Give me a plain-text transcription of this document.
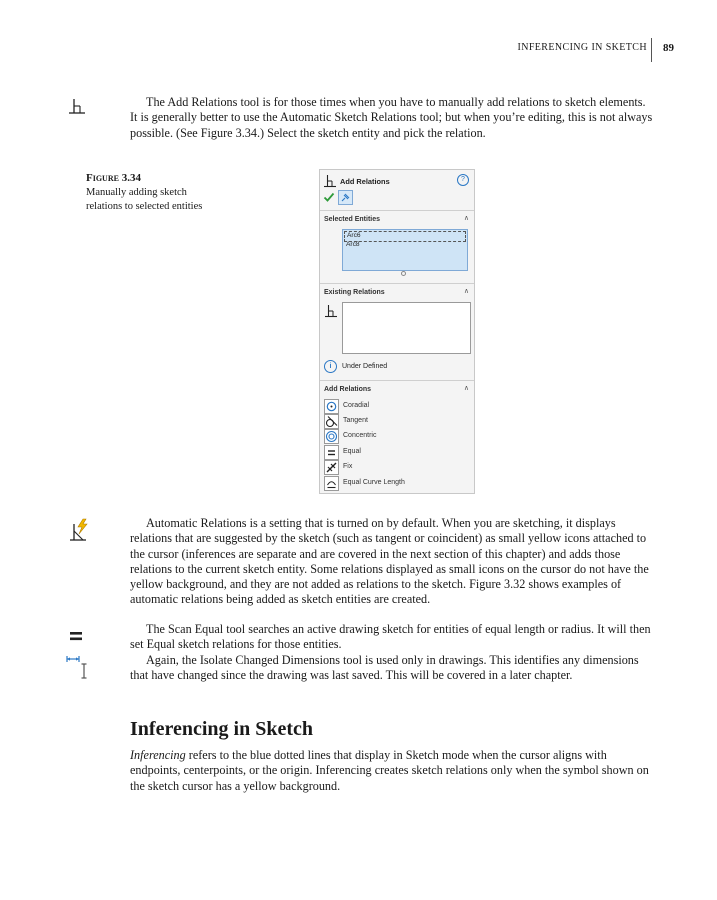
INFERENCING IN SKETCH 89
The Add Relations tool is for those times when you have to manually add relations to sketch elements. It is generally better to use the Automatic Sketch Relations tool; but when you’re editing, this is not always possible. (See Figure 3.34.) Select the sketch entity and pick the relation.
Figure 3.34
Manually adding sketch relations to selected entities
Add Relations	?
Selected Entities	∧
Arc6
Arc8
Existing Relations	∧
i	Under Defined
Add Relations	∧
Coradial
Tangent
Concentric
Equal
Fix
Equal Curve Length
Automatic Relations is a setting that is turned on by default. When you are sketching, it displays relations that are suggested by the sketch (such as tangent or coincident) as small yellow icons attached to the cursor (inferences are separate and are covered in the next section of this chapter) and adds those relations to the current sketch entity. Some relations displayed as small icons on the cursor do not have the yellow background, and they are not added as relations to the sketch. Figure 3.32 shows examples of automatic relations being added as sketch entities are created.
The Scan Equal tool searches an active drawing sketch for entities of equal length or radius. It will then set Equal sketch relations for those entities.
Again, the Isolate Changed Dimensions tool is used only in drawings. This identifies any dimensions that have changed since the drawing was last saved. This will be covered in a later chapter.
Inferencing in Sketch
Inferencing refers to the blue dotted lines that display in Sketch mode when the cursor aligns with endpoints, centerpoints, or the origin. Inferencing creates sketch relations only when the symbol shown on the sketch cursor has a yellow background.
